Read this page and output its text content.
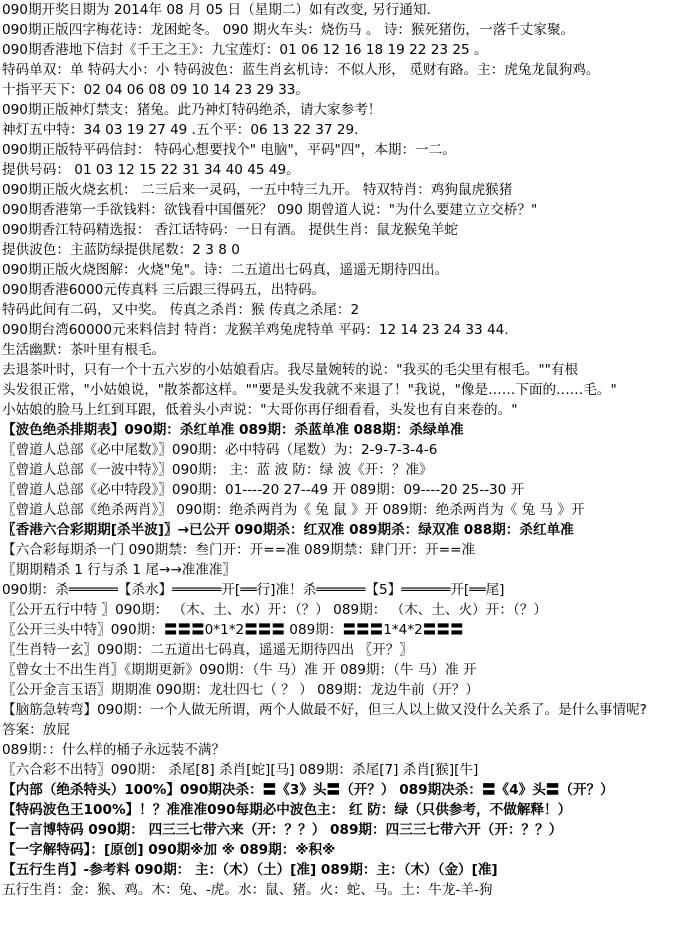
090期开奖日期为 2014年 08 月 05 日（星期二）如有改变, 另行通知.
090期正版四字梅花诗：龙困蛇冬。 090 期火车头：烧伤马 。 诗：猴死猪伤，一落千丈家聚。
090期香港地下信封《千王之王》：九宝莲灯：01 06 12 16 18 19 22 23 25 。
特码单双：单 特码大小：小 特码波色：蓝生肖玄机诗：不似人形， 觅财有路。主：虎兔龙鼠狗鸡。
十指平天下：02 04 06 08 09 10 14 23 29 33。
090期正版神灯禁支：猪兔。此乃神灯特码绝杀，请大家参考！
神灯五中特：34 03 19 27 49 .五个平：06 13 22 37 29.
090期正版特平码信封： 特码心想要找个" 电脑"，平码"四"，本期：一二。
提供号码： 01 03 12 15 22 31 34 40 45 49。
090期正版火烧玄机： 二三后来一灵码，一五中特三九开。 特双特肖：鸡狗鼠虎猴猪
090期香港第一手欲钱料：欲钱看中国僵死？ 090 期曾道人说："为什么要建立立交桥？"
090期香江特码精选报： 香江话特码：一日有酒。 提供生肖：鼠龙猴兔羊蛇
提供波色：主蓝防绿提供尾数：2 3 8 0
090期正版火烧图解：火烧"兔"。诗：二五道出七码真，遥遥无期待四出。
090期香港6000元传真料 三后跟三得码五，出特码。
特码此间有二码，又中奖。 传真之杀肖：猴 传真之杀尾：2
090期台湾60000元来料信封 特肖：龙猴羊鸡兔虎特单 平码：12 14 23 24 33 44.
生活幽默：茶叶里有根毛。
去退茶叶时，只有一个十五六岁的小姑娘看店。我尽量婉转的说："我买的毛尖里有根毛。""有根
头发很正常，"小姑娘说，"散茶都这样。""要是头发我就不来退了！"我说，"像是……下面的……毛。"
小姑娘的脸马上红到耳跟，低着头小声说："大哥你再仔细看看，头发也有自来卷的。"
【波色绝杀排期表】090期：杀红单准 089期：杀蓝单准 088期：杀绿单准
〖曾道人总部《必中尾数》〗090期：必中特码（尾数）为：2-9-7-3-4-6
〖曾道人总部《一波中特》〗090期： 主：蓝 波 防：绿 波《开：？准》
〖曾道人总部《必中特段》〗090期：01----20 27--49 开 089期：09----20 25--30 开
〖曾道人总部《绝杀两肖》〗 090期：绝杀两肖为《 兔 鼠 》开 089期：绝杀两肖为《 兔 马 》开
〖香港六合彩期期[杀半波]〗→已公开 090期杀：红双准 089期杀：绿双准 088期：杀红单准
【六合彩每期杀一门 090期禁：叁门开：开==准 089期禁：肆门开：开==准
〖期期精杀 1 行与杀 1 尾→→准准准〗
090期：杀══════【杀水】══════开[══行]准！杀══════【5】══════开[══尾]
〖公开五行中特 〗090期： （木、土、水）开：（？） 089期： （木、土、火）开：（？）
〖公开三头中特〗090期：〓〓〓0*1*2〓〓〓 089期：〓〓〓1*4*2〓〓〓
〖生肖特一玄〗090期：二五道出七码真，遥遥无期待四出 〖开？〗
〖曾女士不出生肖〗《期期更新》090期：（牛 马）准 开 089期：（牛 马）准 开
〖公开金言玉语〗期期准 090期：龙壮四七（ ？ ） 089期：龙边牛前（开？）
【脑筋急转弯】090期：一个人做无所谓，两个人做最不好，但三人以上做又没什么关系了。是什么事情呢?
答案：放屁
089期：：什么样的桶子永远装不满？
〖六合彩不出特〗090期： 杀尾[8] 杀肖[蛇][马] 089期：杀尾[7] 杀肖[猴][牛]
【内部（绝杀特头）100%】090期决杀：〓《3》头〓（开？） 089期决杀：〓《4》头〓（开？）
【特码波色王100%】！？准准准090每期必中波色主： 红 防：绿（只供参考，不做解释！）
【一言博特码 090期： 四三三七带六来（开：？？） 089期：四三三七带六开（开：？？）
【一字解特码】：[原创] 090期※加 ※ 089期：※积※
【五行生肖】-参考料 090期： 主：（木）（土）[准] 089期：主：（木）（金）[准]
五行生肖：金：猴、鸡。木：兔、-虎。水：鼠、猪。火：蛇、马。土：牛龙-羊-狗
